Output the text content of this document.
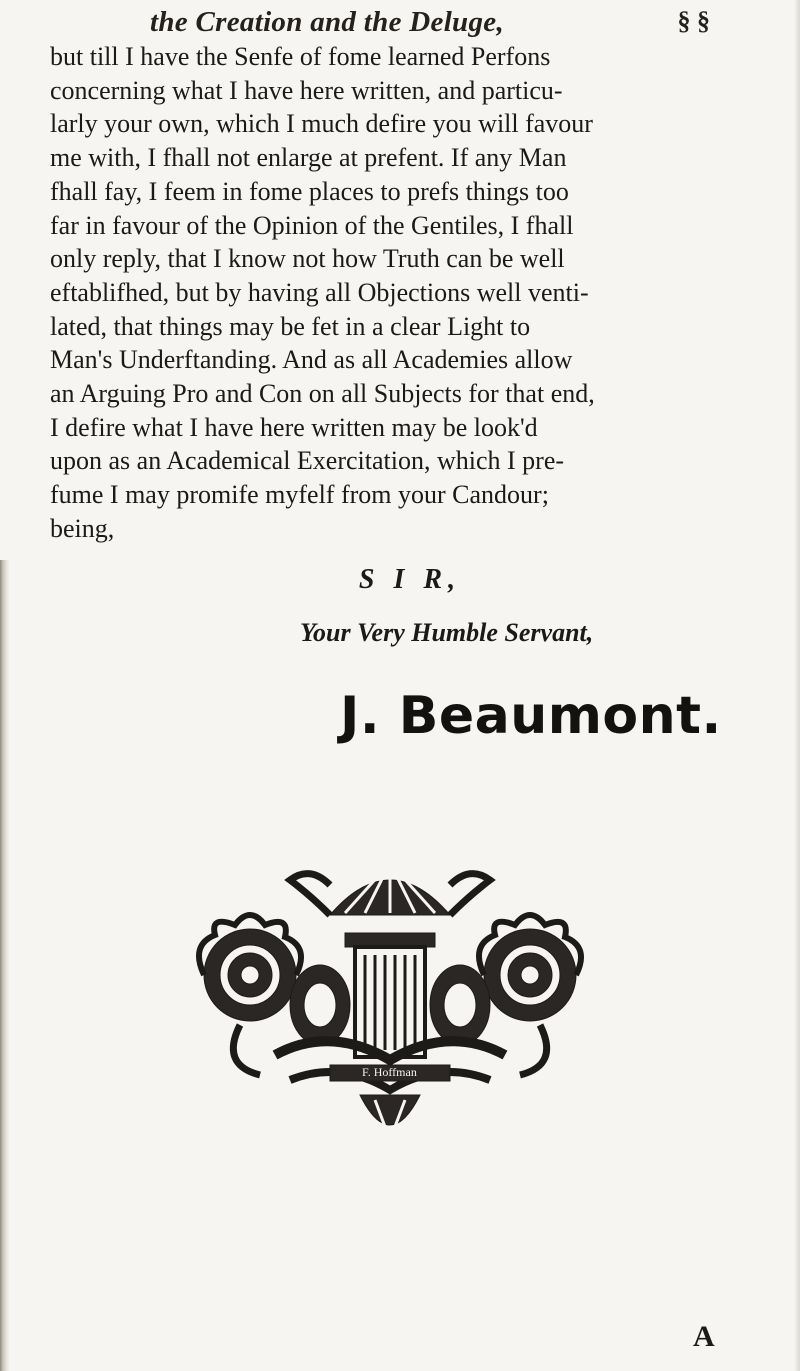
the Creation and the Deluge,	§ §
but till I have the Senfe of fome learned Perfons
concerning what I have here written, and particu-
larly your own, which I much defire you will favour
me with, I fhall not enlarge at prefent. If any Man
fhall fay, I feem in fome places to prefs things too
far in favour of the Opinion of the Gentiles, I fhall
only reply, that I know not how Truth can be well
eftablifhed, but by having all Objections well venti-
lated, that things may be fet in a clear Light to
Man's Underftanding. And as all Academies allow
an Arguing Pro and Con on all Subjects for that end,
I defire what I have here written may be look'd
upon as an Academical Exercitation, which I pre-
fume I may promife myfelf from your Candour;
being,
S I R,
Your Very Humble Servant,
J. Beaumont.
F. Hoffman
A
